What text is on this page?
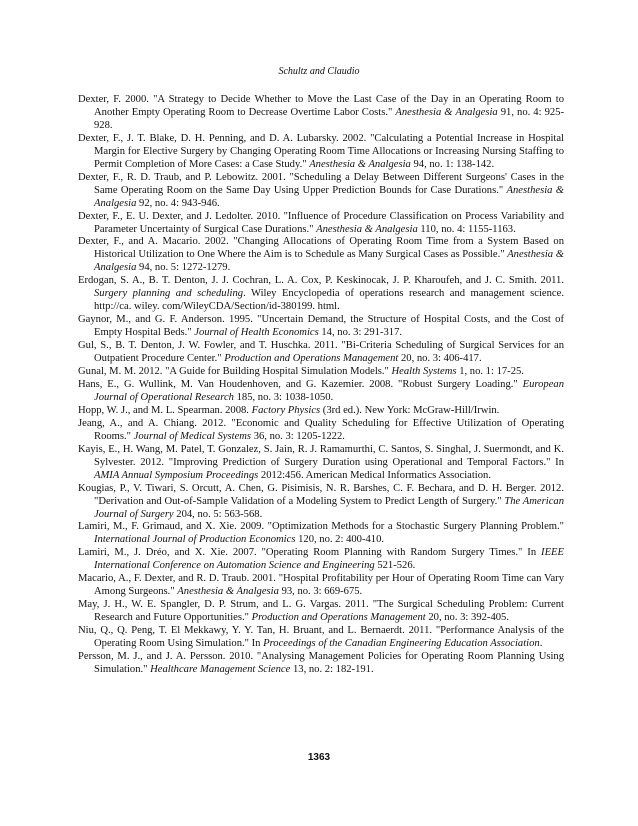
Schultz and Claudio

Dexter, F. 2000. "A Strategy to Decide Whether to Move the Last Case of the Day in an Operating Room to Another Empty Operating Room to Decrease Overtime Labor Costs." Anesthesia & Analgesia 91, no. 4: 925-928.

Dexter, F., J. T. Blake, D. H. Penning, and D. A. Lubarsky. 2002. "Calculating a Potential Increase in Hospital Margin for Elective Surgery by Changing Operating Room Time Allocations or Increasing Nursing Staffing to Permit Completion of More Cases: a Case Study." Anesthesia & Analgesia 94, no. 1: 138-142.

Dexter, F., R. D. Traub, and P. Lebowitz. 2001. "Scheduling a Delay Between Different Surgeons' Cases in the Same Operating Room on the Same Day Using Upper Prediction Bounds for Case Durations." Anesthesia & Analgesia 92, no. 4: 943-946.

Dexter, F., E. U. Dexter, and J. Ledolter. 2010. "Influence of Procedure Classification on Process Variability and Parameter Uncertainty of Surgical Case Durations." Anesthesia & Analgesia 110, no. 4: 1155-1163.

Dexter, F., and A. Macario. 2002. "Changing Allocations of Operating Room Time from a System Based on Historical Utilization to One Where the Aim is to Schedule as Many Surgical Cases as Possible." Anesthesia & Analgesia 94, no. 5: 1272-1279.

Erdogan, S. A., B. T. Denton, J. J. Cochran, L. A. Cox, P. Keskinocak, J. P. Kharoufeh, and J. C. Smith. 2011. Surgery planning and scheduling. Wiley Encyclopedia of operations research and management science. http://ca. wiley. com/WileyCDA/Section/id-380199. html.

Gaynor, M., and G. F. Anderson. 1995. "Uncertain Demand, the Structure of Hospital Costs, and the Cost of Empty Hospital Beds." Journal of Health Economics 14, no. 3: 291-317.

Gul, S., B. T. Denton, J. W. Fowler, and T. Huschka. 2011. "Bi-Criteria Scheduling of Surgical Services for an Outpatient Procedure Center." Production and Operations Management 20, no. 3: 406-417.

Gunal, M. M. 2012. "A Guide for Building Hospital Simulation Models." Health Systems 1, no. 1: 17-25.

Hans, E., G. Wullink, M. Van Houdenhoven, and G. Kazemier. 2008. "Robust Surgery Loading." European Journal of Operational Research 185, no. 3: 1038-1050.

Hopp, W. J., and M. L. Spearman. 2008. Factory Physics (3rd ed.). New York: McGraw-Hill/Irwin.

Jeang, A., and A. Chiang. 2012. "Economic and Quality Scheduling for Effective Utilization of Operating Rooms." Journal of Medical Systems 36, no. 3: 1205-1222.

Kayis, E., H. Wang, M. Patel, T. Gonzalez, S. Jain, R. J. Ramamurthi, C. Santos, S. Singhal, J. Suermondt, and K. Sylvester. 2012. "Improving Prediction of Surgery Duration using Operational and Temporal Factors." In AMIA Annual Symposium Proceedings 2012:456. American Medical Informatics Association.

Kougias, P., V. Tiwari, S. Orcutt, A. Chen, G. Pisimisis, N. R. Barshes, C. F. Bechara, and D. H. Berger. 2012. "Derivation and Out-of-Sample Validation of a Modeling System to Predict Length of Surgery." The American Journal of Surgery 204, no. 5: 563-568.

Lamiri, M., F. Grimaud, and X. Xie. 2009. "Optimization Methods for a Stochastic Surgery Planning Problem." International Journal of Production Economics 120, no. 2: 400-410.

Lamiri, M., J. Dréo, and X. Xie. 2007. "Operating Room Planning with Random Surgery Times." In IEEE International Conference on Automation Science and Engineering 521-526.

Macario, A., F. Dexter, and R. D. Traub. 2001. "Hospital Profitability per Hour of Operating Room Time can Vary Among Surgeons." Anesthesia & Analgesia 93, no. 3: 669-675.

May, J. H., W. E. Spangler, D. P. Strum, and L. G. Vargas. 2011. "The Surgical Scheduling Problem: Current Research and Future Opportunities." Production and Operations Management 20, no. 3: 392-405.

Niu, Q., Q. Peng, T. El Mekkawy, Y. Y. Tan, H. Bruant, and L. Bernaerdt. 2011. "Performance Analysis of the Operating Room Using Simulation." In Proceedings of the Canadian Engineering Education Association.

Persson, M. J., and J. A. Persson. 2010. "Analysing Management Policies for Operating Room Planning Using Simulation." Healthcare Management Science 13, no. 2: 182-191.

1363
